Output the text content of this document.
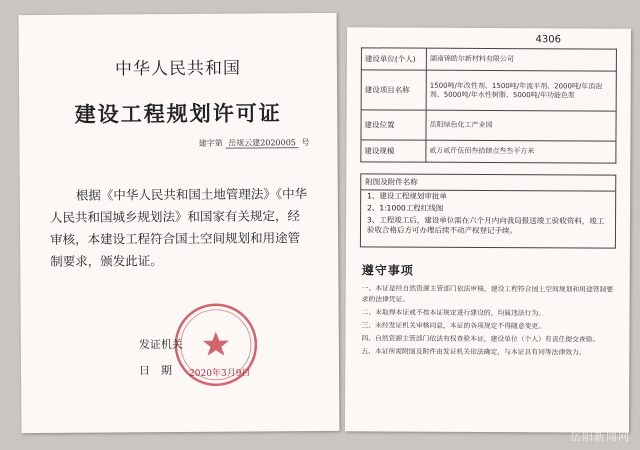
中华人民共和国
建设工程规划许可证
建字第 岳规云建2020005 号
根据《中华人民共和国土地管理法》《中华人民共和国城乡规划法》和国家有关规定，经审核，本建设工程符合国土空间规划和用途管制要求，颁发此证。
发证机关
日　期 2020年3月9日
4306
建设单位(个人)	湖南锦皓尔新材料有限公司
建设项目名称	1500吨/年改性剂、1500吨/年流平剂、2000吨/年消泡剂、5000吨/年水性树脂、5000吨/年功能色浆
建设位置	岳阳绿色化工产业园
建设规模	贰万贰仟伍佰叁拾肆点叁叁平方米
附图及附件名称
1、建设工程规划审批单
2、1:1000工程红线图
3、工程竣工后，建设单位需在六个月内向我局报送竣工验收资料，竣工验收合格后方可办理后续不动产权登记手续。
遵守事项
一、本证是经自然资源主管部门依法审核，建设工程符合国土空间规划和用途管制要求的法律凭证。
二、未取得本证或不按本证规定进行建设的，均属违法行为。
三、未经发证机关审核同意，本证的各项规定不得随意变更。
四、自然资源主管部门依法有权查验本证，建设单位（个人）有责任提交查验。
五、本证所需附图及附件由发证机关依法确定，与本证具有同等法律效力。
岳阳新闻网
